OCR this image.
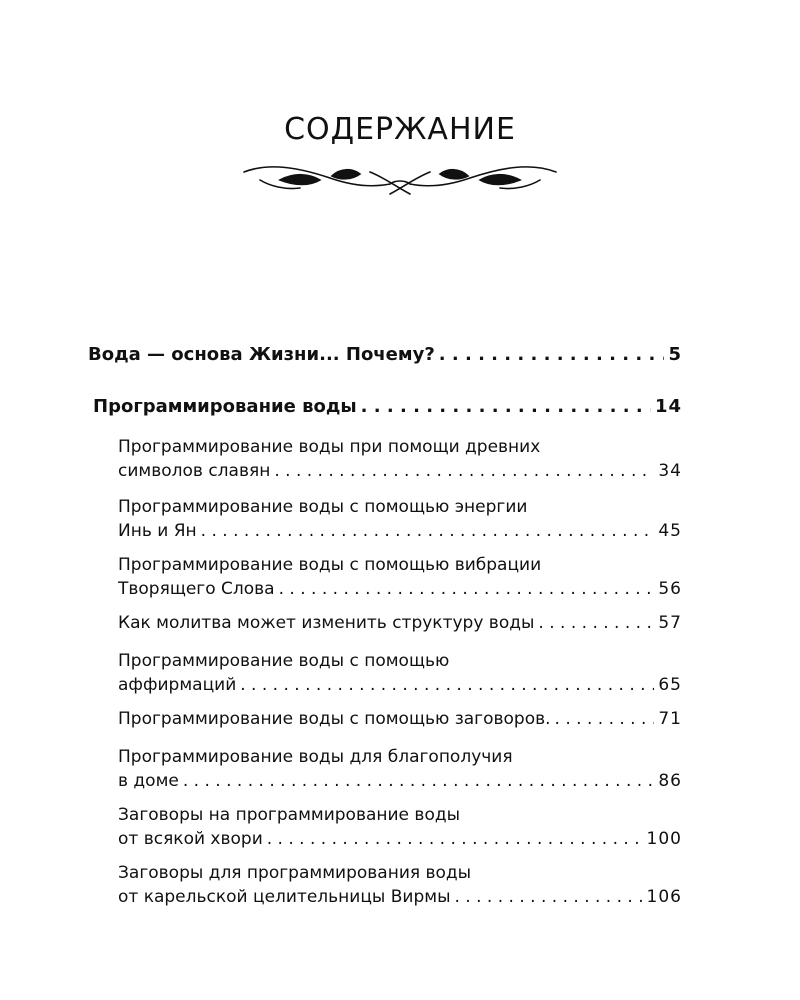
СОДЕРЖАНИЕ
Вода — основа Жизни... Почему? . . .	5
Программирование воды . . .	14
Программирование воды при помощи древних
символов славян . . .	34
Программирование воды с помощью энергии
Инь и Ян . . .	45
Программирование воды с помощью вибрации
Творящего Слова . . .	56
Как молитва может изменить структуру воды . . .	57
Программирование воды с помощью
аффирмаций . . .	65
Программирование воды с помощью заговоров. . . .	71
Программирование воды для благополучия
в доме . . .	86
Заговоры на программирование воды
от всякой хвори . . .	100
Заговоры для программирования воды
от карельской целительницы Вирмы . . .	106
